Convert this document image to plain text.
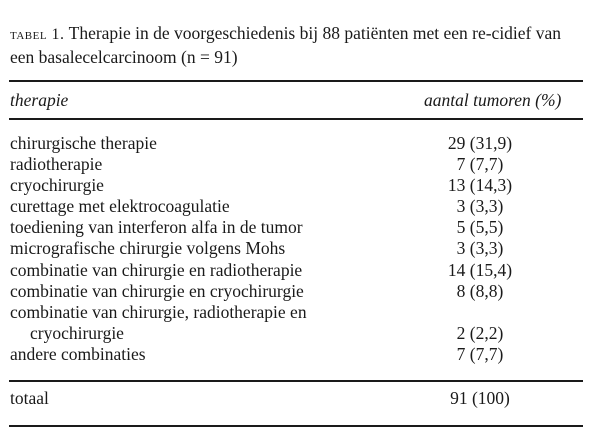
tabel 1. Therapie in de voorgeschiedenis bij 88 patiënten met een re-cidief van een basalecelcarcinoom (n = 91)
therapie	aantal tumoren (%)
chirurgische therapie	29 (31,9)
radiotherapie	7 (7,7)
cryochirurgie	13 (14,3)
curettage met elektrocoagulatie	3 (3,3)
toediening van interferon alfa in de tumor	5 (5,5)
micrografische chirurgie volgens Mohs	3 (3,3)
combinatie van chirurgie en radiotherapie	14 (15,4)
combinatie van chirurgie en cryochirurgie	8 (8,8)
combinatie van chirurgie, radiotherapie en
cryochirurgie	2 (2,2)
andere combinaties	7 (7,7)
totaal	91 (100)
